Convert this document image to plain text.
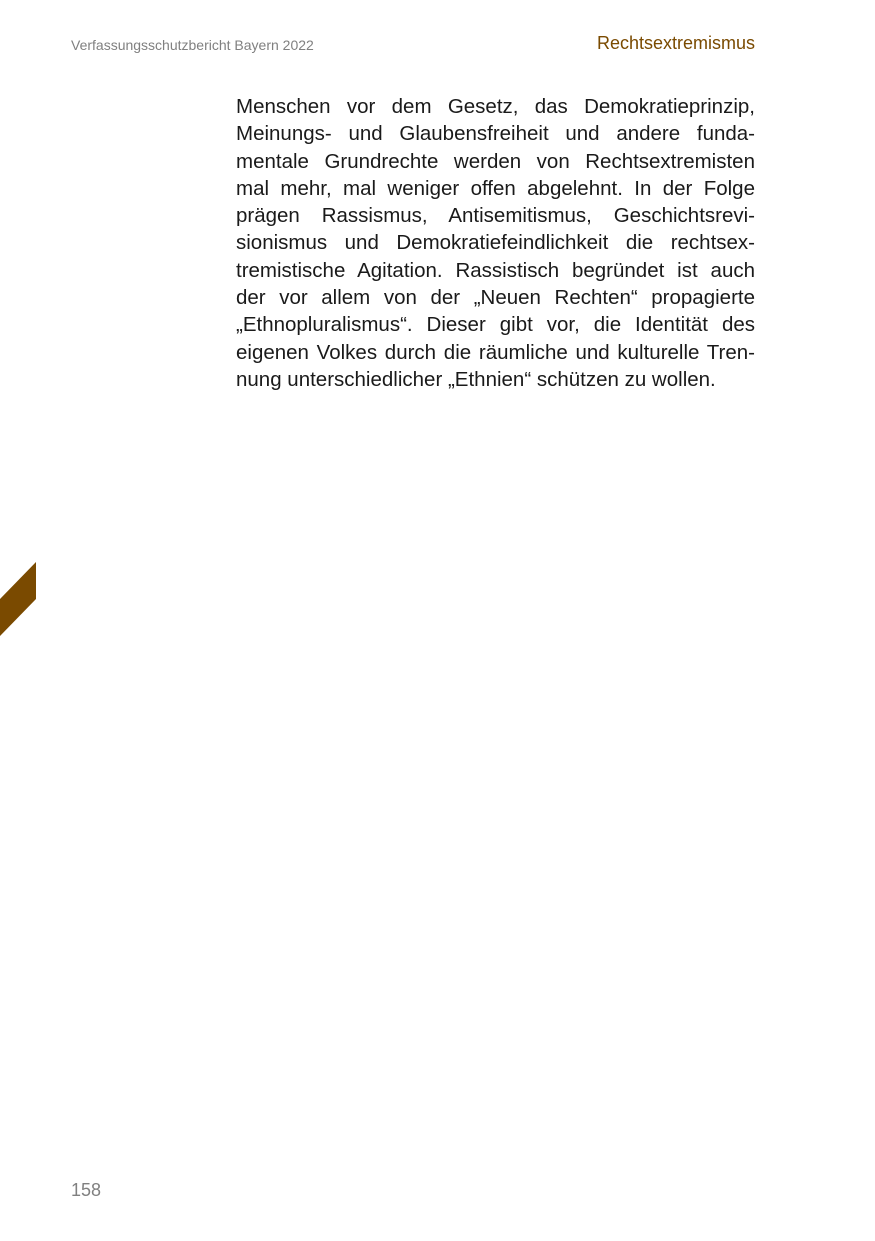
Verfassungsschutzbericht Bayern 2022	Rechtsextremismus
Menschen vor dem Gesetz, das Demokratieprinzip,
Meinungs- und Glaubensfreiheit und andere funda-
mentale Grundrechte werden von Rechtsextremisten
mal mehr, mal weniger offen abgelehnt. In der Folge
prägen Rassismus, Antisemitismus, Geschichtsrevi-
sionismus und Demokratiefeindlichkeit die rechtsex-
tremistische Agitation. Rassistisch begründet ist auch
der vor allem von der „Neuen Rechten“ propagierte
„Ethnopluralismus“. Dieser gibt vor, die Identität des
eigenen Volkes durch die räumliche und kulturelle Tren-
nung unterschiedlicher „Ethnien“ schützen zu wollen.
158
